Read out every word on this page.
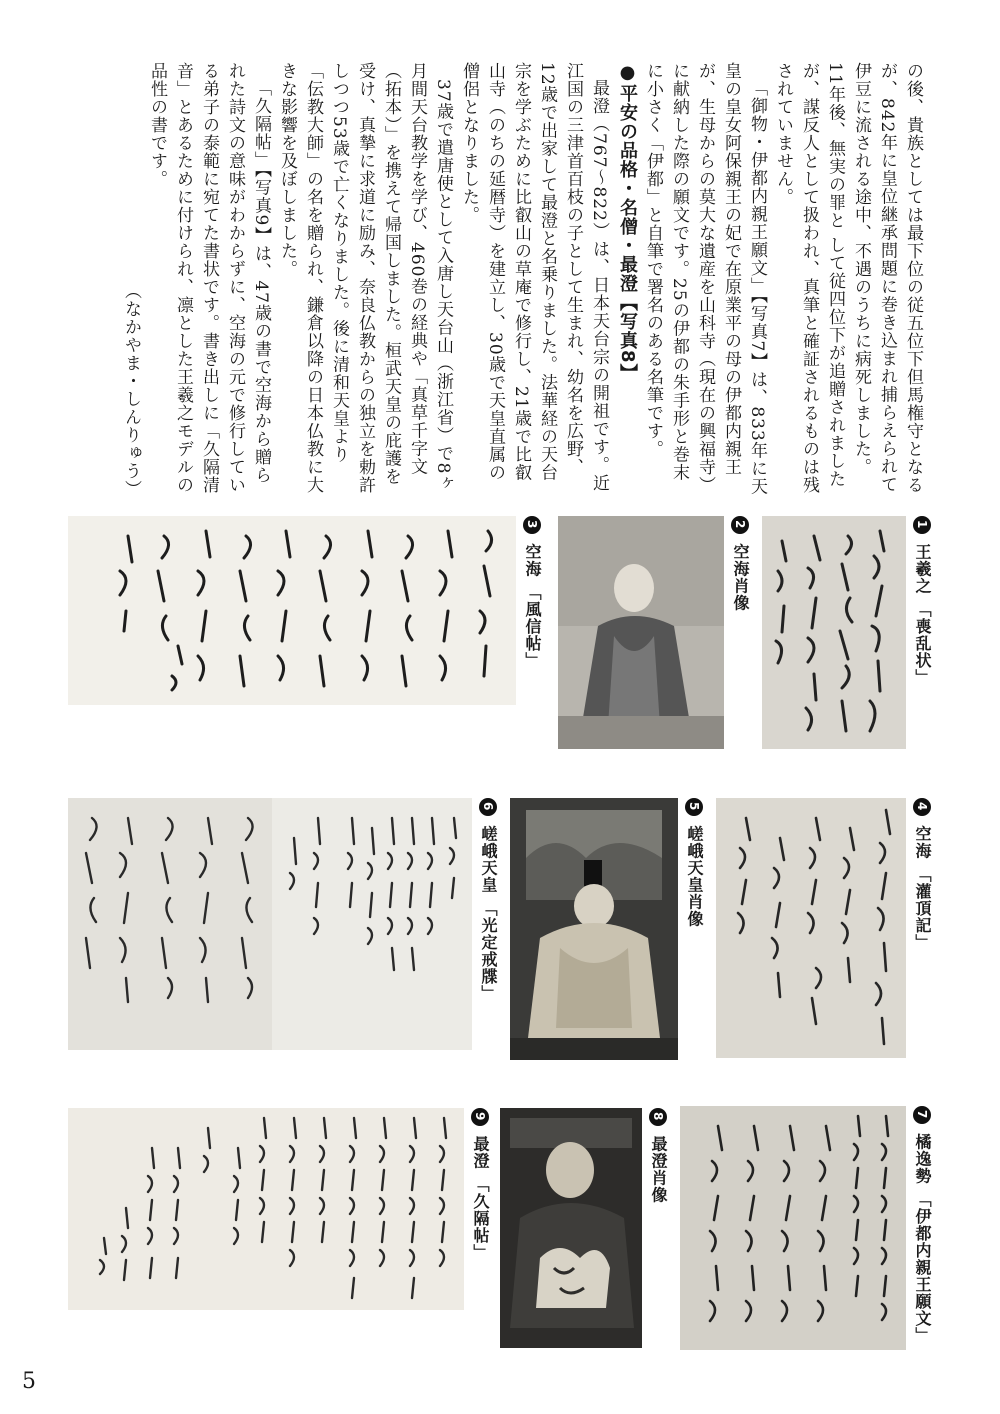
の後、貴族としては最下位の従五位下但馬権守となるが、842年に皇位継承問題に巻き込まれ捕らえられて伊豆に流される途中、不遇のうちに病死しました。11年後、無実の罪と して従四位下が追贈されましたが、謀反人として扱われ、真筆と確証されるものは残されていません。

「御物・伊都内親王願文」【写真7】は、833年に天皇の皇女阿保親王の妃で在原業平の母の伊都内親王が、生母からの莫大な遺産を山科寺（現在の興福寺）に献納した際の願文です。25の伊都の朱手形と巻末に小さく「伊都」と自筆で署名のある名筆です。

●平安の品格・名僧・最澄【写真8】

最澄（767〜822）は、日本天台宗の開祖です。近江国の三津首百枝の子として生まれ、幼名を広野、12歳で出家して最澄と名乗りました。法華経の天台宗を学ぶために比叡山の草庵で修行し、21歳で比叡山寺（のちの延暦寺）を建立し、30歳で天皇直属の僧侶となりました。

37歳で遣唐使として入唐し天台山（浙江省）で8ヶ月間天台教学を学び、460巻の経典や「真草千字文（拓本）」を携えて帰国しました。桓武天皇の庇護を受け、真摯に求道に励み、奈良仏教からの独立を勅許しつつ53歳で亡くなりました。後に清和天皇より「伝教大師」の名を贈られ、鎌倉以降の日本仏教に大きな影響を及ぼしました。

「久隔帖」【写真9】は、47歳の書で空海から贈られた詩文の意味がわからずに、空海の元で修行している弟子の泰範に宛てた書状です。書き出しに「久隔清音」とあるために付けられ、凛とした王羲之モデルの品性の書です。

（なかやま・しんりゅう）
1 王羲之 「喪乱状」
2 空海肖像
3 空海 「風信帖」
4 空海 「灌頂記」
5 嵯峨天皇肖像
6 嵯峨天皇 「光定戒牒」
7 橘逸勢 「伊都内親王願文」
8 最澄肖像
9 最澄 「久隔帖」
5
